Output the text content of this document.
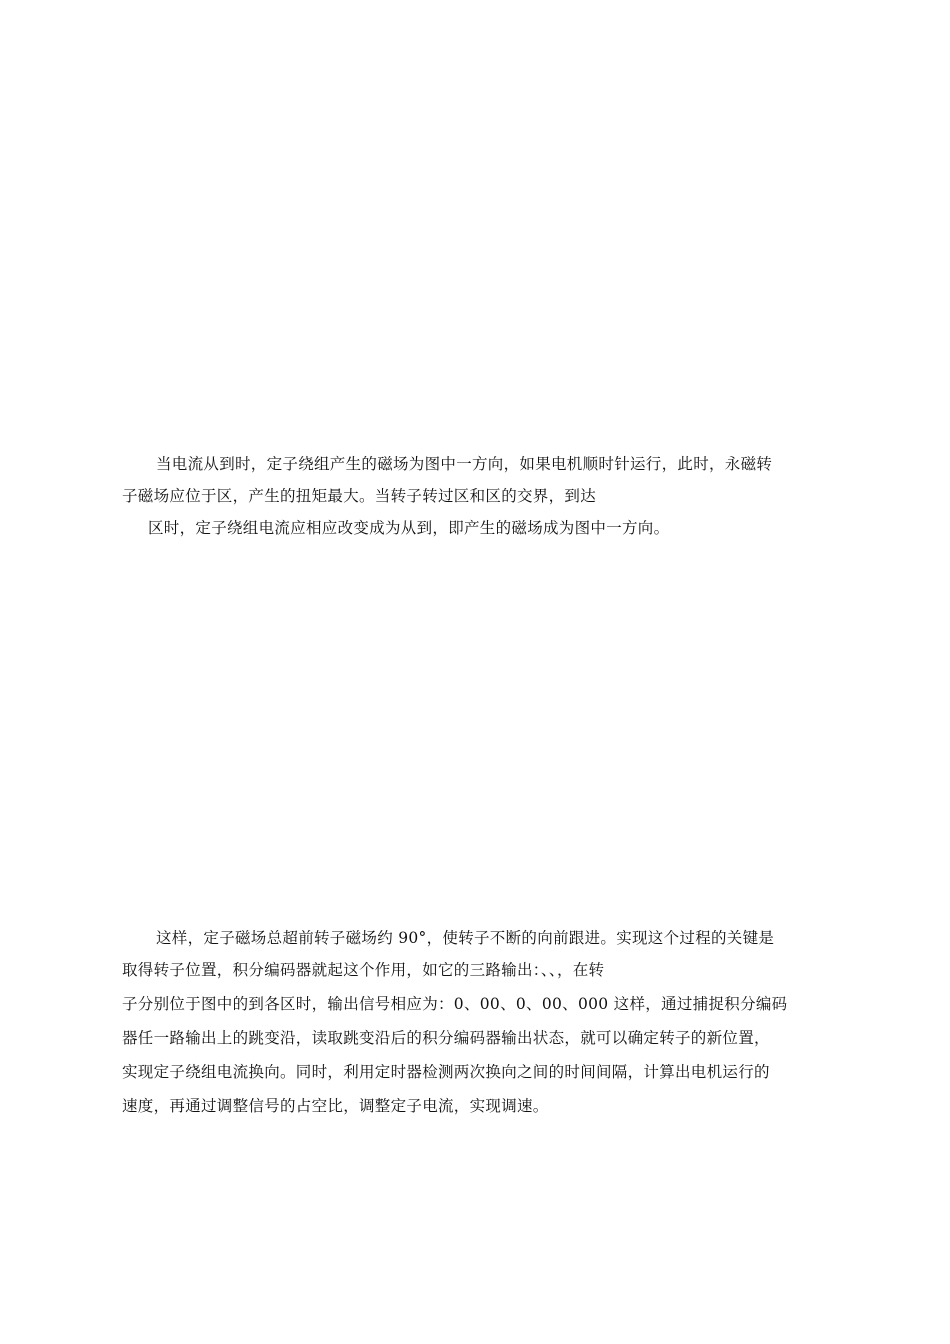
当电流从到时，定子绕组产生的磁场为图中一方向，如果电机顺时针运行，此时，永磁转
子磁场应位于区，产生的扭矩最大。当转子转过区和区的交界，到达
区时，定子绕组电流应相应改变成为从到，即产生的磁场成为图中一方向。
这样，定子磁场总超前转子磁场约 90°，使转子不断的向前跟进。实现这个过程的关键是
取得转子位置，积分编码器就起这个作用，如它的三路输出：、、，在转
子分别位于图中的到各区时，输出信号相应为：0、00、0、00、000 这样，通过捕捉积分编码
器任一路输出上的跳变沿，读取跳变沿后的积分编码器输出状态，就可以确定转子的新位置，
实现定子绕组电流换向。同时，利用定时器检测两次换向之间的时间间隔，计算出电机运行的
速度，再通过调整信号的占空比，调整定子电流，实现调速。
